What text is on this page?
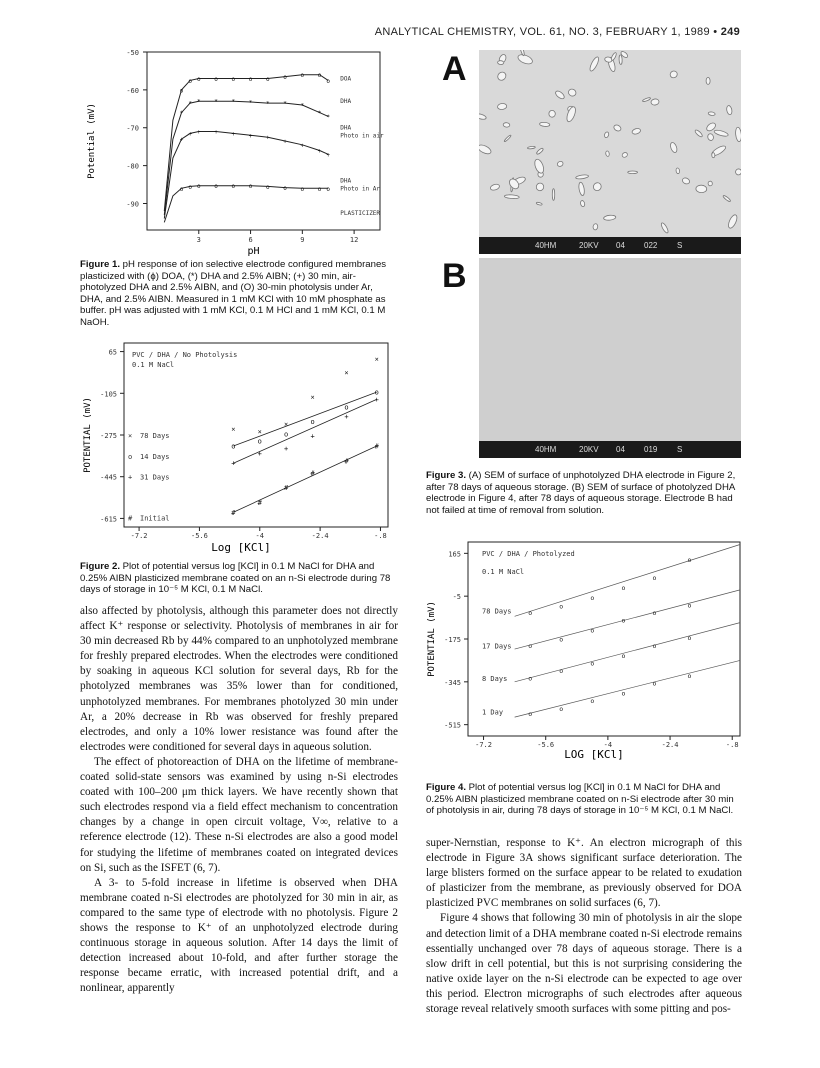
ANALYTICAL CHEMISTRY, VOL. 61, NO. 3, FEBRUARY 1, 1989 • 249
-50
-60
-70
-80
-90
3	6	9	12
pH
Potential (mV)
o
o o o o o o o o o
o DOA
*
* * * * * * * *
*
*
DHA
+
+ + + + + +
+
+
+
+
DHA
Photo in air
o o o o o o o o o o o
DHA
Photo in Ar
PLASTICIZER
Figure 1. pH response of ion selective electrode configured membranes plasticized with (ϕ) DOA, (*) DHA and 2.5% AIBN; (+) 30 min, air-photolyzed DHA and 2.5% AIBN, and (O) 30-min photolysis under Ar, DHA, and 2.5% AIBN. Measured in 1 mM KCl with 10 mM phosphate as buffer. pH was adjusted with 1 mM KCl, 0.1 M HCl and 1 mM KCl, 0.1 M NaOH.
65
-105
-275
-445
-615
-7.2	-5.6	-4	-2.4	-.8
Log [KCl]
POTENTIAL (mV)
PVC / DHA / No Photolysis
0.1 M NaCl
× 78 Days
×	×
×
×
×
×
o 14 Days
o
o
o
o
o
o
+ 31 Days
+
+
+
+
+
+
# Initial
#
#
#
#
#
#
Figure 2. Plot of potential versus log [KCl] in 0.1 M NaCl for DHA and 0.25% AIBN plasticized membrane coated on an n-Si electrode during 78 days of storage in 10⁻⁵ M KCl, 0.1 M NaCl.

also affected by photolysis, although this parameter does not directly affect K⁺ response or selectivity. Photolysis of membranes in air for 30 min decreased Rb by 44% compared to an unphotolyzed membrane for freshly prepared electrodes. When the electrodes were conditioned by soaking in aqueous KCl solution for several days, Rb for the photolyzed membranes was 35% lower than for conditioned, unphotolyzed membranes. For membranes photolyzed 30 min under Ar, a 20% decrease in Rb was observed for freshly prepared electrodes, and only a 10% lower resistance was found after the electrodes were conditioned for several days in aqueous solution.

The effect of photoreaction of DHA on the lifetime of membrane-coated solid-state sensors was examined by using n-Si electrodes coated with 100–200 μm thick layers. We have recently shown that such electrodes respond via a field effect mechanism to concentration changes by a change in open circuit voltage, V∞, relative to a reference electrode (12). These n-Si electrodes are also a good model for studying the lifetime of membranes coated on integrated devices on Si, such as the ISFET (6, 7).

A 3- to 5-fold increase in lifetime is observed when DHA membrane coated n-Si electrodes are photolyzed for 30 min in air, as compared to the same type of electrode with no photolysis. Figure 2 shows the response to K⁺ of an unphotolyzed electrode during continuous storage in aqueous solution. After 14 days the limit of detection increased about 10-fold, and after further storage the response became erratic, with increased potential drift, and a nonlinear, apparently

A
40HM	20KV 04 022 S
B
40HM	20KV 04 019 S
Figure 3. (A) SEM of surface of unphotolyzed DHA electrode in Figure 2, after 78 days of aqueous storage. (B) SEM of surface of photolyzed DHA electrode in Figure 4, after 78 days of aqueous storage. Electrode B had not failed at time of removal from solution.
165
-5
-175
-345
-515
-7.2	-5.6	-4	-2.4	-.8
LOG [KCl]
POTENTIAL (mV)
PVC / DHA / Photolyzed
0.1 M NaCl
78 Days	o
o
o
o
o
o
17 Days	o
o
o
o
o
o
8 Days	o
o
o
o
o
o
1 Day	o
o
o
o
o
o
Figure 4. Plot of potential versus log [KCl] in 0.1 M NaCl for DHA and 0.25% AIBN plasticized membrane coated on n-Si electrode after 30 min of photolysis in air, during 78 days of storage in 10⁻⁵ M KCl, 0.1 M NaCl.

super-Nernstian, response to K⁺. An electron micrograph of this electrode in Figure 3A shows significant surface deterioration. The large blisters formed on the surface appear to be related to exudation of plasticizer from the membrane, as previously observed for DOA plasticized PVC membranes on solid surfaces (6, 7).

Figure 4 shows that following 30 min of photolysis in air the slope and detection limit of a DHA membrane coated n-Si electrode remains essentially unchanged over 78 days of aqueous storage. There is a slow drift in cell potential, but this is not surprising considering the native oxide layer on the n-Si electrode can be expected to age over this period. Electron micrographs of such electrodes after aqueous storage reveal relatively smooth surfaces with some pitting and pos-
